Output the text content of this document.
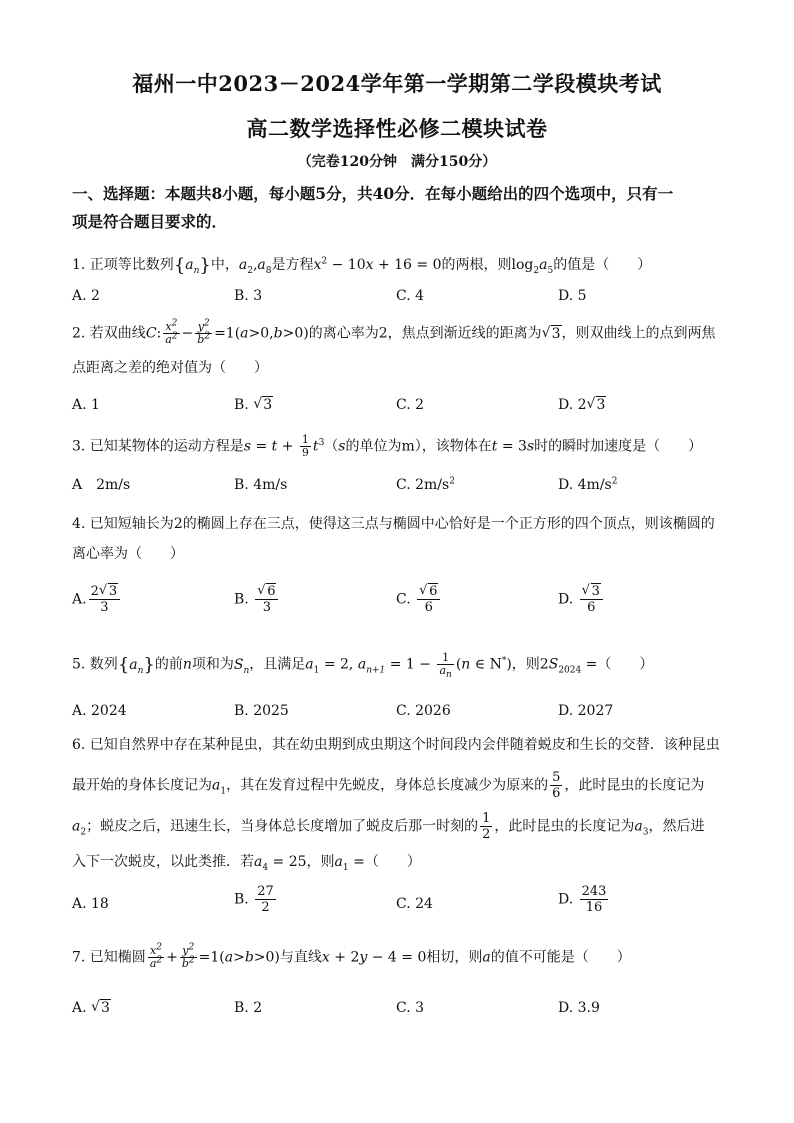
福州一中2023－2024学年第一学期第二学段模块考试
高二数学选择性必修二模块试卷
（完卷120分钟　满分150分）
一、选择题：本题共8小题，每小题5分，共40分．在每小题给出的四个选项中，只有一
项是符合题目要求的．
1. 正项等比数列$\{a_n\}$中，$a_2,a_8$是方程$x^2 - 10x + 16 = 0$的两根，则$\log_2a_5$的值是（　　）
A. 2	B. 3	C. 4	D. 5
2. 若双曲线C: $\frac{x^2}{a^2} - \frac{y^2}{b^2} =1(a>0,b>0)$的离心率为2，焦点到渐近线的距离为 √ 3，则双曲线上的点到两焦
点距离之差的绝对值为（　　）
A. 1	B. √ 3	C. 2	D. 2 √ 3
3. 已知某物体的运动方程是$s = t + \frac{1}{9} t^3(s$的单位为m），该物体在t = 3s时的瞬时加速度是（　　）
A　 2m/s	B. 4m/s	C. $2m/s^2$	D. $4m/s^2$
4. 已知短轴长为2的椭圆上存在三点，使得这三点与椭圆中心恰好是一个正方形的四个顶点，则该椭圆的
离心率为（　　）
A. $\frac{2 √ 3}{3}$	B. √ $\frac{6}{3}$	C. √ $\frac{6}{6}$	D. √ $\frac{3}{6}$
5. 数列$\{a_n\}$的前n项和为$S_n$，且满足$a_1 = 2$, $a_{n+1} = 1 - \frac{1}{a_n} (n$ ∈ N*)，则$2S_{2024}$ =（　　）
A. 2024	B. 2025	C. 2026	D. 2027
6. 已知自然界中存在某种昆虫，其在幼虫期到成虫期这个时间段内会伴随着蜕皮和生长的交替．该种昆虫
最开始的身体长度记为$a_1$，其在发育过程中先蜕皮，身体总长度减少为原来的 $\frac{5}{6}$ ，此时昆虫的长度记为
$a_2$；蜕皮之后，迅速生长，当身体总长度增加了蜕皮后那一时刻的 $\frac{1}{2}$ ，此时昆虫的长度记为$a_3$，然后进
入下一次蜕皮，以此类推．若$a_4 = 25$，则$a_1$ =（　　）
A. 18	B. $\frac{27}{2}$	C. 24	D. $\frac{243}{16}$
7. 已知椭圆 $\frac{x^2}{a^2} + \frac{y^2}{b^2} =1(a>b>0)$与直线x + 2y − 4 = 0相切，则a的值不可能是（　　）
A. √ 3	B. 2	C. 3	D. 3.9
